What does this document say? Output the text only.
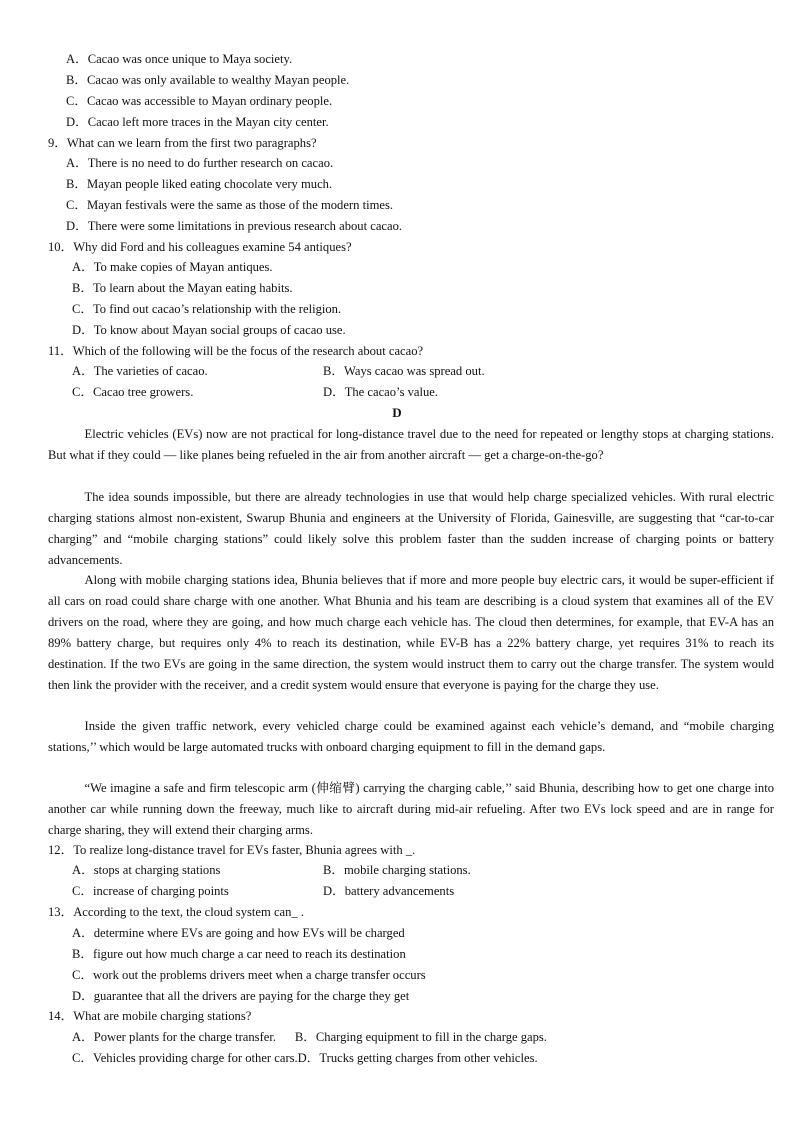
A．Cacao was once unique to Maya society.
B．Cacao was only available to wealthy Mayan people.
C．Cacao was accessible to Mayan ordinary people.
D．Cacao left more traces in the Mayan city center.
9．What can we learn from the first two paragraphs?
A．There is no need to do further research on cacao.
B．Mayan people liked eating chocolate very much.
C．Mayan festivals were the same as those of the modern times.
D．There were some limitations in previous research about cacao.
10．Why did Ford and his colleagues examine 54 antiques?
A．To make copies of Mayan antiques.
B．To learn about the Mayan eating habits.
C．To find out cacao’s relationship with the religion.
D．To know about Mayan social groups of cacao use.
11．Which of the following will be the focus of the research about cacao?
A．The varieties of cacao.	B．Ways cacao was spread out.
C．Cacao tree growers.	D．The cacao’s value.
D
Electric vehicles (EVs) now are not practical for long-distance travel due to the need for repeated or lengthy stops at charging stations. But what if they could — like planes being refueled in the air from another aircraft — get a charge-on-the-go?
The idea sounds impossible, but there are already technologies in use that would help charge specialized vehicles. With rural electric charging stations almost non-existent, Swarup Bhunia and engineers at the University of Florida, Gainesville, are suggesting that “car-to-car charging” and “mobile charging stations” could likely solve this problem faster than the sudden increase of charging points or battery advancements.
Along with mobile charging stations idea, Bhunia believes that if more and more people buy electric cars, it would be super-efficient if all cars on road could share charge with one another. What Bhunia and his team are describing is a cloud system that examines all of the EV drivers on the road, where they are going, and how much charge each vehicle has. The cloud then determines, for example, that EV-A has an 89% battery charge, but requires only 4% to reach its destination, while EV-B has a 22% battery charge, yet requires 31% to reach its destination. If the two EVs are going in the same direction, the system would instruct them to carry out the charge transfer. The system would then link the provider with the receiver, and a credit system would ensure that everyone is paying for the charge they use.
Inside the given traffic network, every vehicled charge could be examined against each vehicle’s demand, and “mobile charging stations,’’ which would be large automated trucks with onboard charging equipment to fill in the demand gaps.
“We imagine a safe and firm telescopic arm (伸缩臂) carrying the charging cable,’’ said Bhunia, describing how to get one charge into another car while running down the freeway, much like to aircraft during mid-air refueling. After two EVs lock speed and are in range for charge sharing, they will extend their charging arms.
12．To realize long-distance travel for EVs faster, Bhunia agrees with _.
A．stops at charging stations	B．mobile charging stations.
C．increase of charging points	D．battery advancements
13．According to the text, the cloud system can_ .
A．determine where EVs are going and how EVs will be charged
B．figure out how much charge a car need to reach its destination
C．work out the problems drivers meet when a charge transfer occurs
D．guarantee that all the drivers are paying for the charge they get
14．What are mobile charging stations?
A．Power plants for the charge transfer.      B．Charging equipment to fill in the charge gaps.
C．Vehicles providing charge for other cars.D．Trucks getting charges from other vehicles.
